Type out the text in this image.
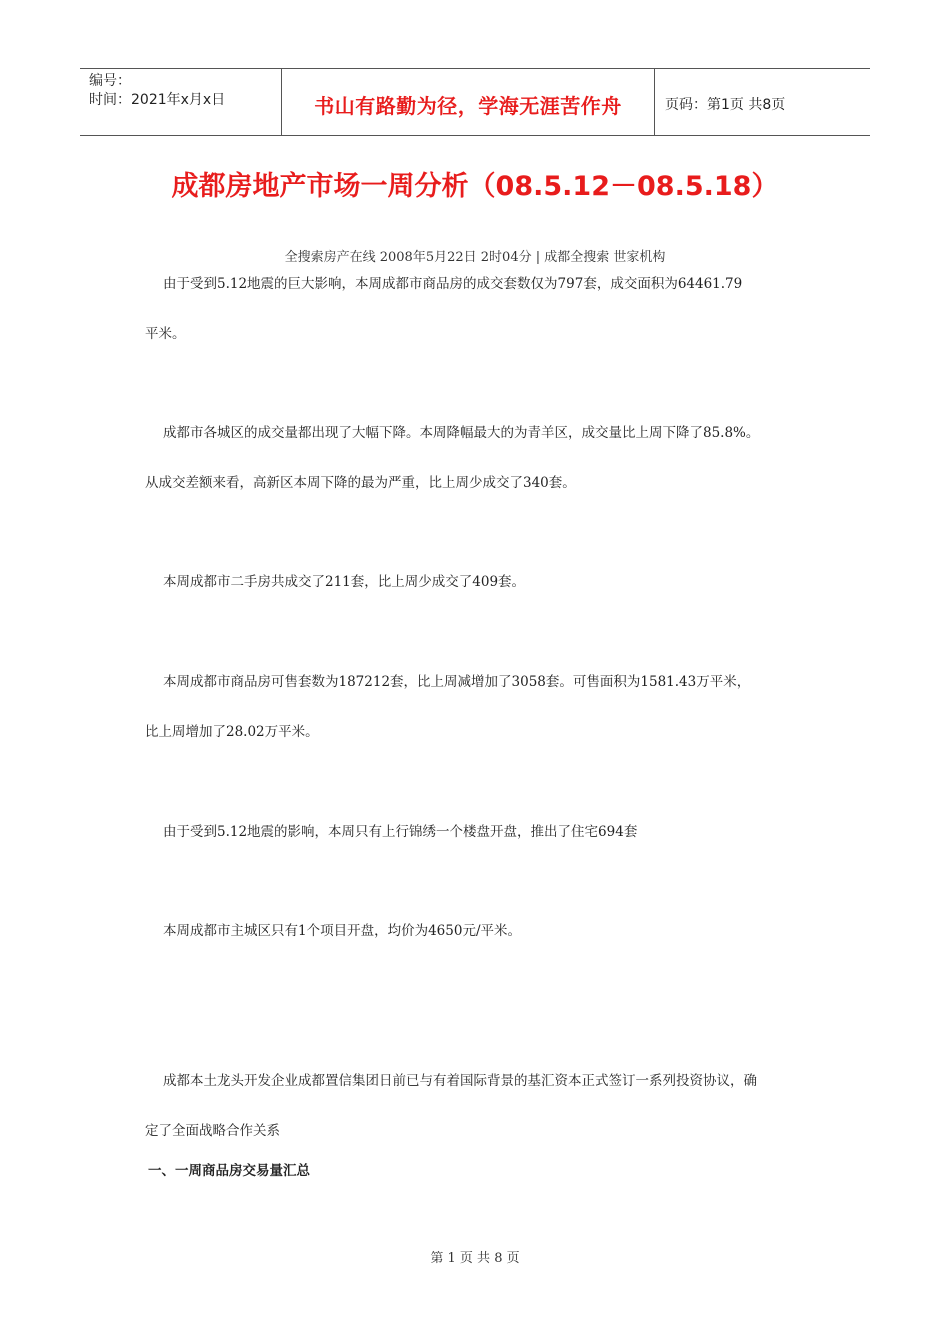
编号：
时间：2021年x月x日	书山有路勤为径，学海无涯苦作舟	页码：第1页 共8页
成都房地产市场一周分析（08.5.12－08.5.18）
全搜索房产在线 2008年5月22日 2时04分 | 成都全搜索 世家机构
由于受到5.12地震的巨大影响，本周成都市商品房的成交套数仅为797套，成交面积为64461.79
平米。
成都市各城区的成交量都出现了大幅下降。本周降幅最大的为青羊区，成交量比上周下降了85.8%。
从成交差额来看，高新区本周下降的最为严重，比上周少成交了340套。
本周成都市二手房共成交了211套，比上周少成交了409套。
本周成都市商品房可售套数为187212套，比上周减增加了3058套。可售面积为1581.43万平米，
比上周增加了28.02万平米。
由于受到5.12地震的影响，本周只有上行锦绣一个楼盘开盘，推出了住宅694套
本周成都市主城区只有1个项目开盘，均价为4650元/平米。
成都本土龙头开发企业成都置信集团日前已与有着国际背景的基汇资本正式签订一系列投资协议，确
定了全面战略合作关系
一、一周商品房交易量汇总
第 1 页 共 8 页
